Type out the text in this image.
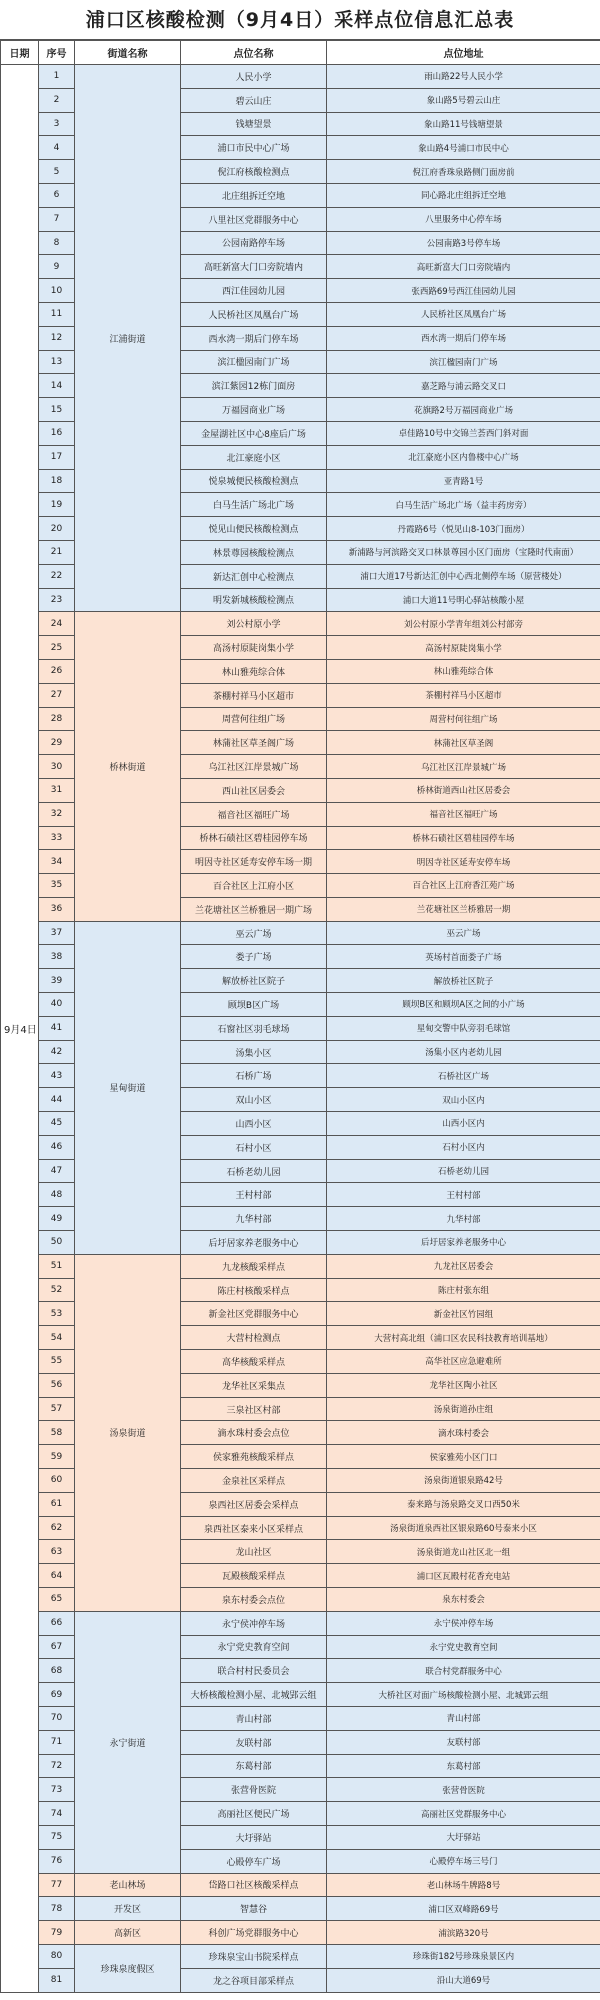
浦口区核酸检测（9月4日）采样点位信息汇总表
日期	序号	街道名称	点位名称	点位地址
9月4日	1	江浦街道	人民小学	雨山路22号人民小学
	2		碧云山庄	象山路5号碧云山庄
	3		钱塘望景	象山路11号钱塘望景
	4		浦口市民中心广场	象山路4号浦口市民中心
	5		倪江府核酸检测点	倪江府香珠泉路侧门面房前
	6		北庄组拆迁空地	同心路北庄组拆迁空地
	7		八里社区党群服务中心	八里服务中心停车场
	8		公园南路停车场	公园南路3号停车场
	9		高旺新富大门口旁院墙内	高旺新富大门口旁院墙内
	10		西江佳园幼儿园	张西路69号西江佳园幼儿园
	11		人民桥社区凤凰台广场	人民桥社区凤凰台广场
	12		西水湾一期后门停车场	西水湾一期后门停车场
	13		滨江楹园南门广场	滨江楹园南门广场
	14		滨江紫园12栋门面房	嘉芝路与浦云路交叉口
	15		万福园商业广场	花旗路2号万福园商业广场
	16		金屋湖社区中心8座后广场	卓佳路10号中交锦兰荟西门斜对面
	17		北江豪庭小区	北江豪庭小区内鲁楼中心广场
	18		悦泉城便民核酸检测点	亚青路1号
	19		白马生活广场北广场	白马生活广场北广场（益丰药房旁）
	20		悦见山便民核酸检测点	丹霞路6号（悦见山8-103门面房）
	21		林景尊园核酸检测点	新浦路与河滨路交叉口林景尊园小区门面房（宝隆时代南面）
	22		新达汇创中心检测点	浦口大道17号新达汇创中心西北侧停车场（原营楼处）
	23		明发新城核酸检测点	浦口大道11号明心驿站核酸小屋
	24	桥林街道	刘公村原小学	刘公村原小学青年组刘公村部旁
	25		高汤村原陡岗集小学	高汤村原陡岗集小学
	26		林山雅苑综合体	林山雅苑综合体
	27		茶棚村祥马小区超市	茶棚村祥马小区超市
	28		周营何往组广场	周营村何往组广场
	29		林蒲社区草圣阁广场	林蒲社区草圣阁
	30		乌江社区江岸景城广场	乌江社区江岸景城广场
	31		西山社区居委会	桥林街道西山社区居委会
	32		福音社区福旺广场	福音社区福旺广场
	33		桥林石碛社区碧桂园停车场	桥林石碛社区碧桂园停车场
	34		明因寺社区延寿安停车场一期	明因寺社区延寿安停车场
	35		百合社区上江府小区	百合社区上江府香江苑广场
	36		兰花塘社区兰桥雅居一期广场	兰花塘社区兰桥雅居一期
	37	星甸街道	巫云广场	巫云广场
	38		娄子广场	英场村首面娄子广场
	39		解放桥社区院子	解放桥社区院子
	40		顾坝B区广场	顾坝B区和顾坝A区之间的小广场
	41		石窗社区羽毛球场	星甸交警中队旁羽毛球馆
	42		汤集小区	汤集小区内老幼儿园
	43		石桥广场	石桥社区广场
	44		双山小区	双山小区内
	45		山西小区	山西小区内
	46		石村小区	石村小区内
	47		石桥老幼儿园	石桥老幼儿园
	48		王村村部	王村村部
	49		九华村部	九华村部
	50		后圩居家养老服务中心	后圩居家养老服务中心
	51	汤泉街道	九龙核酸采样点	九龙社区居委会
	52		陈庄村核酸采样点	陈庄村张东组
	53		新金社区党群服务中心	新金社区竹园组
	54		大营村检测点	大营村高北组（浦口区农民科技教育培训基地）
	55		高华核酸采样点	高华社区应急避难所
	56		龙华社区采集点	龙华社区陶小社区
	57		三泉社区村部	汤泉街道孙庄组
	58		滴水珠村委会点位	滴水珠村委会
	59		侯家雅苑核酸采样点	侯家雅苑小区门口
	60		金泉社区采样点	汤泉街道银泉路42号
	61		泉西社区居委会采样点	泰来路与汤泉路交叉口西50米
	62		泉西社区泰来小区采样点	汤泉街道泉西社区银泉路60号泰来小区
	63		龙山社区	汤泉街道龙山社区北一组
	64		瓦殿核酸采样点	浦口区瓦殿村花香充电站
	65		泉东村委会点位	泉东村委会
	66	永宁街道	永宁侯冲停车场	永宁侯冲停车场
	67		永宁党史教育空间	永宁党史教育空间
	68		联合村村民委员会	联合村党群服务中心
	69		大桥核酸检测小屋、北城郢云组	大桥社区对面广场核酸检测小屋、北城郢云组
	70		青山村部	青山村部
	71		友联村部	友联村部
	72		东葛村部	东葛村部
	73		张营骨医院	张营骨医院
	74		高丽社区便民广场	高丽社区党群服务中心
	75		大圩驿站	大圩驿站
	76		心殿停车广场	心殿停车场三号门
	77	老山林场	岱路口社区核酸采样点	老山林场牛牌路8号
	78	开发区	智慧谷	浦口区双峰路69号
	79	高新区	科创广场党群服务中心	浦滨路320号
	80	珍珠泉度假区	珍珠泉宝山书院采样点	珍珠街182号珍珠泉景区内
	81		龙之谷项目部采样点	沿山大道69号
